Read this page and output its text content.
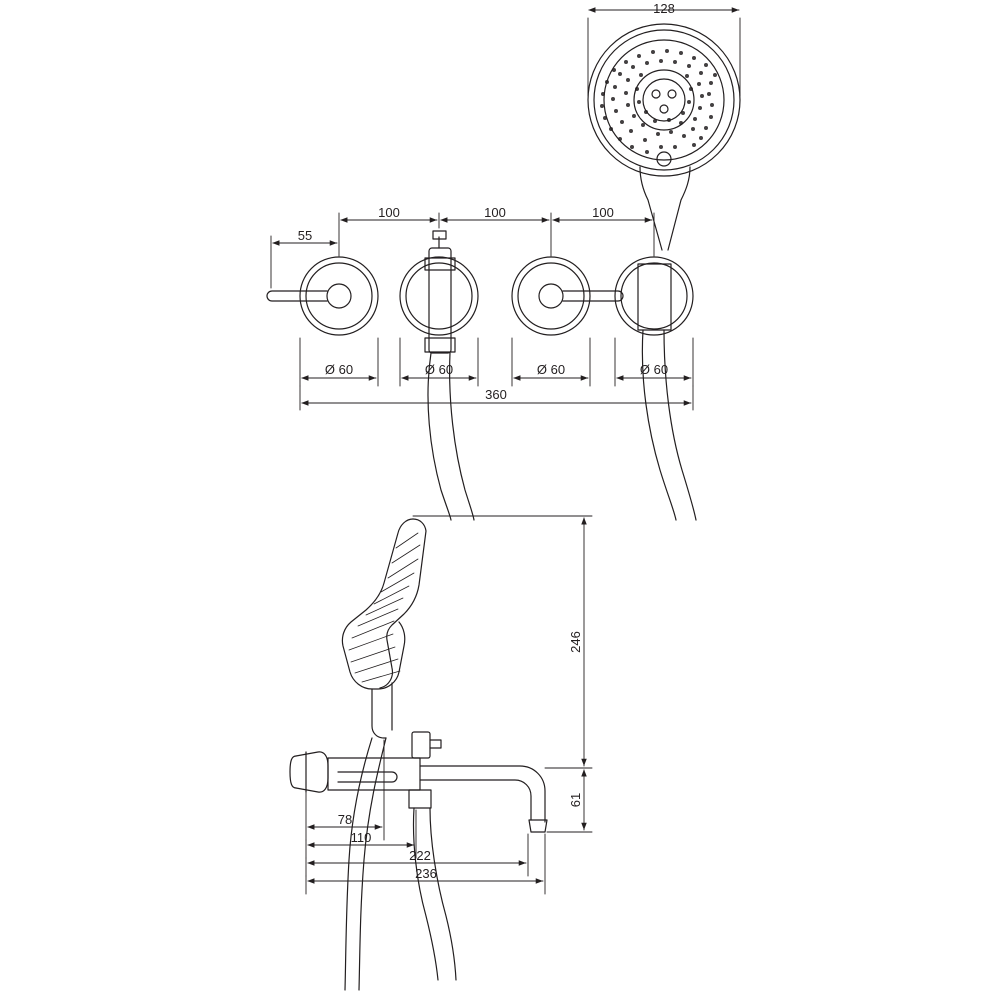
128
55
100	100	100
Ø 60	Ø 60	Ø 60	Ø 60
360
246
61
78
110
222
236
